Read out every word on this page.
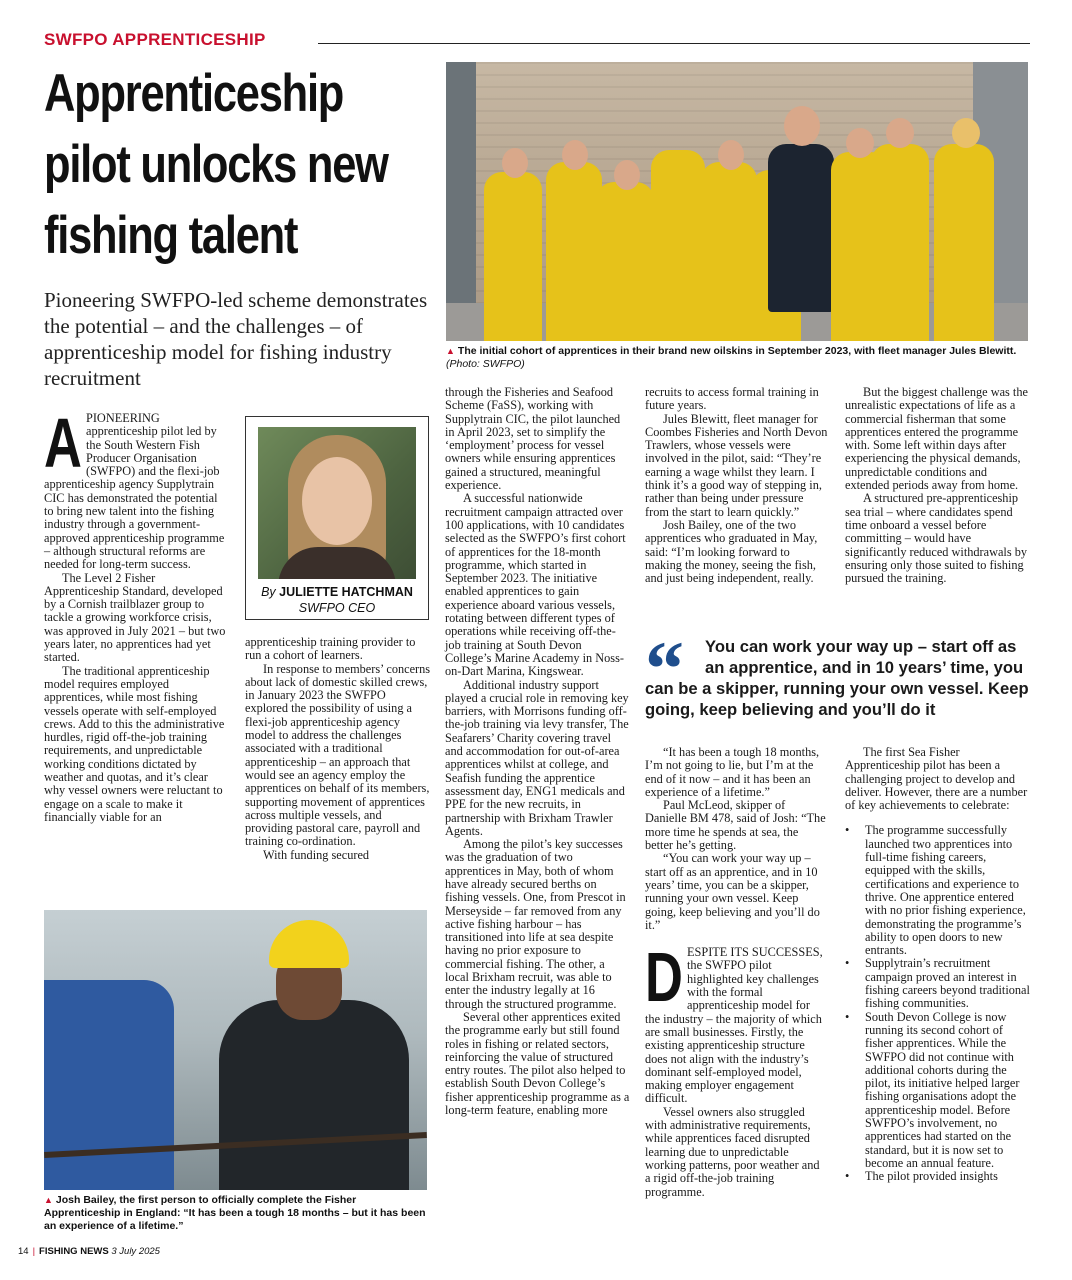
SWFPO APPRENTICESHIP
Apprenticeship
pilot unlocks new
fishing talent
Pioneering SWFPO-led scheme demonstrates the potential – and the challenges – of apprenticeship model for fishing industry recruitment
▲ The initial cohort of apprentices in their brand new oilskins in September 2023, with fleet manager Jules Blewitt.
(Photo: SWFPO)
By JULIETTE HATCHMAN
SWFPO CEO
APIONEERING apprenticeship pilot led by the South Western Fish Producer Organisation (SWFPO) and the flexi-job apprenticeship agency Supplytrain CIC has demonstrated the potential to bring new talent into the fishing industry through a government-approved apprenticeship programme – although structural reforms are needed for long-term success.

The Level 2 Fisher Apprenticeship Standard, developed by a Cornish trailblazer group to tackle a growing workforce crisis, was approved in July 2021 – but two years later, no apprentices had yet started.

The traditional apprenticeship model requires employed apprentices, while most fishing vessels operate with self-employed crews. Add to this the administrative hurdles, rigid off-the-job training requirements, and unpredictable working conditions dictated by weather and quotas, and it’s clear why vessel owners were reluctant to engage on a scale to make it financially viable for an

apprenticeship training provider to run a cohort of learners.

In response to members’ concerns about lack of domestic skilled crews, in January 2023 the SWFPO explored the possibility of using a flexi-job apprenticeship agency model to address the challenges associated with a traditional apprenticeship – an approach that would see an agency employ the apprentices on behalf of its members, supporting movement of apprentices across multiple vessels, and providing pastoral care, payroll and training co-ordination.

With funding secured

▲ Josh Bailey, the first person to officially complete the Fisher Apprenticeship in England: “It has been a tough 18 months – but it has been an experience of a lifetime.”

through the Fisheries and Seafood Scheme (FaSS), working with Supplytrain CIC, the pilot launched in April 2023, set to simplify the ‘employment’ process for vessel owners while ensuring apprentices gained a structured, meaningful experience.

A successful nationwide recruitment campaign attracted over 100 applications, with 10 candidates selected as the SWFPO’s first cohort of apprentices for the 18-month programme, which started in September 2023. The initiative enabled apprentices to gain experience aboard various vessels, rotating between different types of operations while receiving off-the-job training at South Devon College’s Marine Academy in Noss-on-Dart Marina, Kingswear.

Additional industry support played a crucial role in removing key barriers, with Morrisons funding off-the-job training via levy transfer, The Seafarers’ Charity covering travel and accommodation for out-of-area apprentices whilst at college, and Seafish funding the apprentice assessment day, ENG1 medicals and PPE for the new recruits, in partnership with Brixham Trawler Agents.

Among the pilot’s key successes was the graduation of two apprentices in May, both of whom have already secured berths on fishing vessels. One, from Prescot in Merseyside – far removed from any active fishing harbour – has transitioned into life at sea despite having no prior exposure to commercial fishing. The other, a local Brixham recruit, was able to enter the industry legally at 16 through the structured programme.

Several other apprentices exited the programme early but still found roles in fishing or related sectors, reinforcing the value of structured entry routes. The pilot also helped to establish South Devon College’s fisher apprenticeship programme as a long-term feature, enabling more

recruits to access formal training in future years.

Jules Blewitt, fleet manager for Coombes Fisheries and North Devon Trawlers, whose vessels were involved in the pilot, said: “They’re earning a wage whilst they learn. I think it’s a good way of stepping in, rather than being under pressure from the start to learn quickly.”

Josh Bailey, one of the two apprentices who graduated in May, said: “I’m looking forward to making the money, seeing the fish, and just being independent, really.

But the biggest challenge was the unrealistic expectations of life as a commercial fisherman that some apprentices entered the programme with. Some left within days after experiencing the physical demands, unpredictable conditions and extended periods away from home.

A structured pre-apprenticeship sea trial – where candidates spend time onboard a vessel before committing – would have significantly reduced withdrawals by ensuring only those suited to fishing pursued the training.

“	You can work your way up – start off as an apprentice, and in 10 years’ time, you
can be a skipper, running your own vessel. Keep going, keep believing and you’ll do it

“It has been a tough 18 months, I’m not going to lie, but I’m at the end of it now – and it has been an experience of a lifetime.”

Paul McLeod, skipper of Danielle BM 478, said of Josh: “The more time he spends at sea, the better he’s getting.

“You can work your way up – start off as an apprentice, and in 10 years’ time, you can be a skipper, running your own vessel. Keep going, keep believing and you’ll do it.”

DESPITE ITS SUCCESSES, the SWFPO pilot highlighted key challenges with the formal apprenticeship model for the industry – the majority of which are small businesses. Firstly, the existing apprenticeship structure does not align with the industry’s dominant self-employed model, making employer engagement difficult.

Vessel owners also struggled with administrative requirements, while apprentices faced disrupted learning due to unpredictable working patterns, poor weather and a rigid off-the-job training programme.

The first Sea Fisher Apprenticeship pilot has been a challenging project to develop and deliver. However, there are a number of key achievements to celebrate:

• The programme successfully launched two apprentices into full-time fishing careers, equipped with the skills, certifications and experience to thrive. One apprentice entered with no prior fishing experience, demonstrating the programme’s ability to open doors to new entrants.
• Supplytrain’s recruitment campaign proved an interest in fishing careers beyond traditional fishing communities.
• South Devon College is now running its second cohort of fisher apprentices. While the SWFPO did not continue with additional cohorts during the pilot, its initiative helped larger fishing organisations adopt the apprenticeship model. Before SWFPO’s involvement, no apprentices had started on the standard, but it is now set to become an annual feature.
• The pilot provided insights
14 | FISHING NEWS 3 July 2025
